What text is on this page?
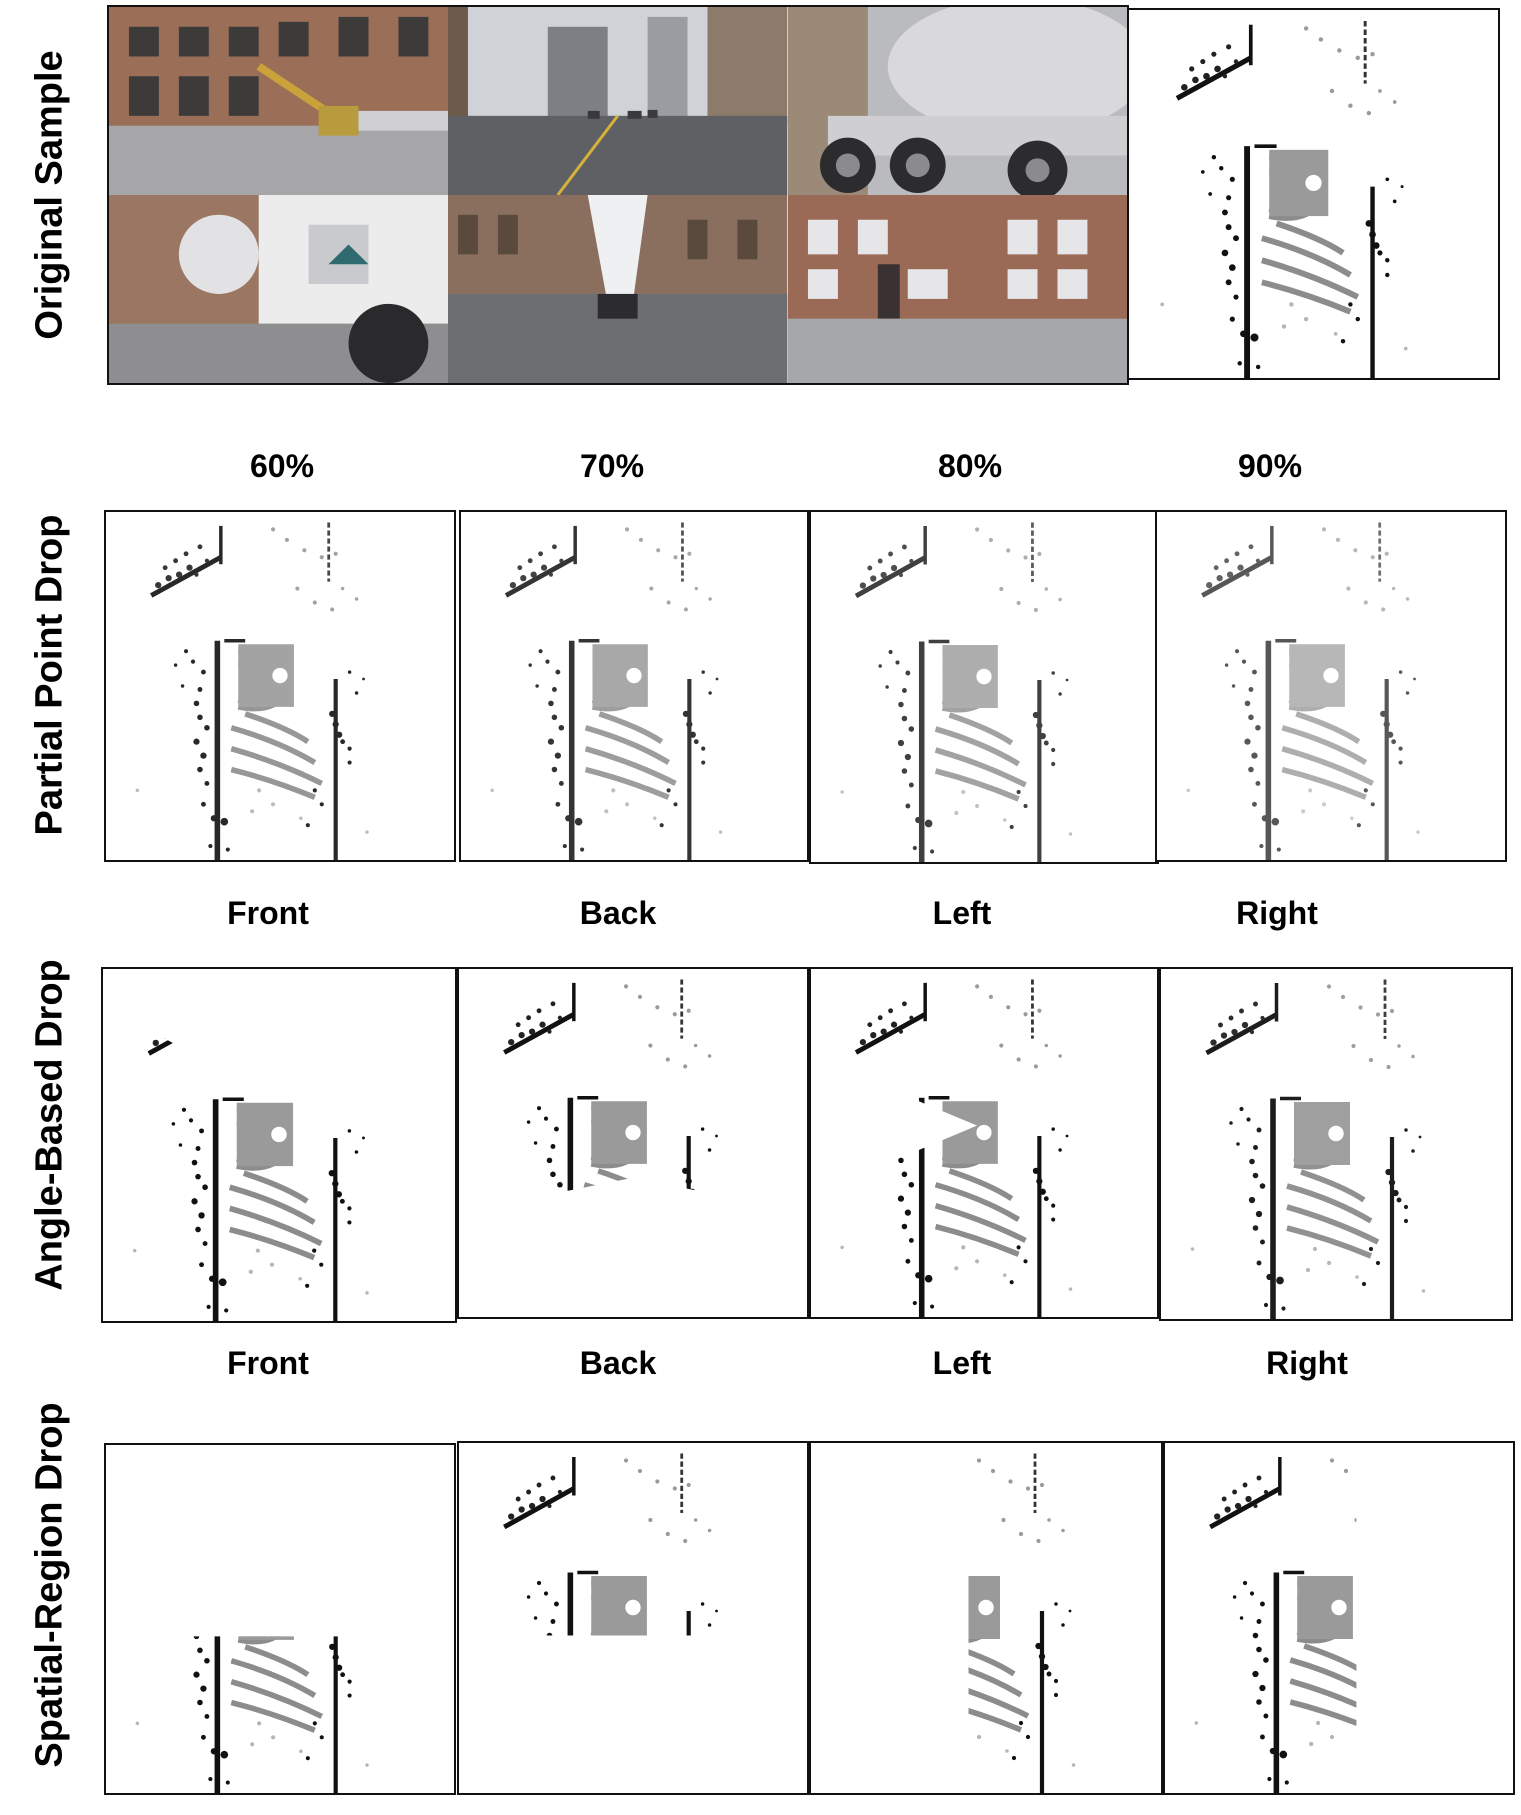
Original Sample
Partial Point Drop
Angle-Based Drop
Spatial-Region Drop
60%	70%	80%	90%
Front	Back	Left	Right
Front	Back	Left	Right
